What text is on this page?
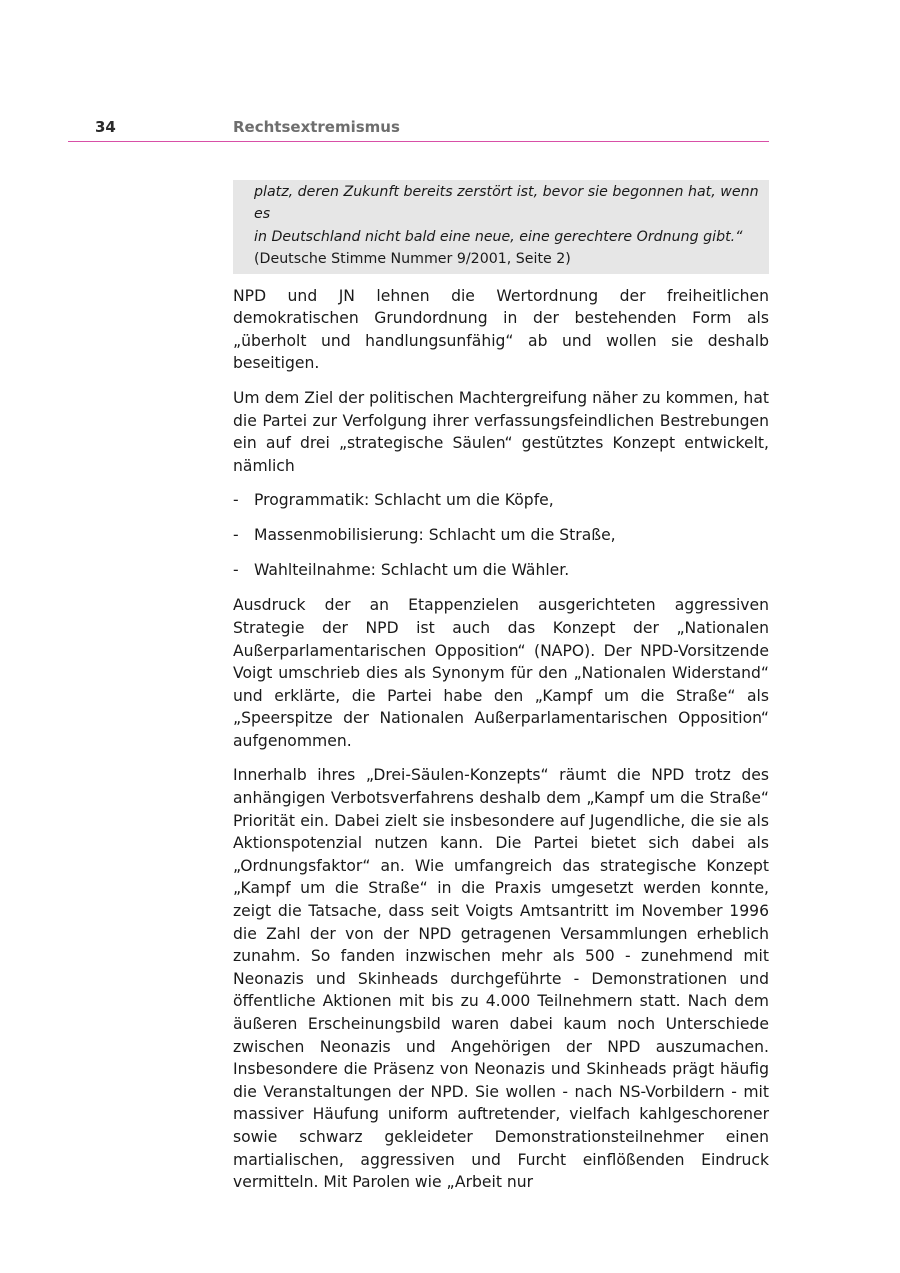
34	Rechtsextremismus
platz, deren Zukunft bereits zerstört ist, bevor sie begonnen hat, wenn es
in Deutschland nicht bald eine neue, eine gerechtere Ordnung gibt.“
(Deutsche Stimme Nummer 9/2001, Seite 2)

NPD und JN lehnen die Wertordnung der freiheitlichen demokratischen Grundordnung in der bestehenden Form als „überholt und handlungsunfähig“ ab und wollen sie deshalb beseitigen.

Um dem Ziel der politischen Machtergreifung näher zu kommen, hat die Partei zur Verfolgung ihrer verfassungsfeindlichen Bestrebungen ein auf drei „strategische Säulen“ gestütztes Konzept entwickelt, nämlich

- Programmatik: Schlacht um die Köpfe,
- Massenmobilisierung: Schlacht um die Straße,
- Wahlteilnahme: Schlacht um die Wähler.

Ausdruck der an Etappenzielen ausgerichteten aggressiven Strategie der NPD ist auch das Konzept der „Nationalen Außerparlamentarischen Opposition“ (NAPO). Der NPD-Vorsitzende Voigt umschrieb dies als Synonym für den „Nationalen Widerstand“ und erklärte, die Partei habe den „Kampf um die Straße“ als „Speerspitze der Nationalen Außerparlamentarischen Opposition“ aufgenommen.

Innerhalb ihres „Drei-Säulen-Konzepts“ räumt die NPD trotz des anhängigen Verbotsverfahrens deshalb dem „Kampf um die Straße“ Priorität ein. Dabei zielt sie insbesondere auf Jugendliche, die sie als Aktionspotenzial nutzen kann. Die Partei bietet sich dabei als „Ordnungsfaktor“ an. Wie umfangreich das strategische Konzept „Kampf um die Straße“ in die Praxis umgesetzt werden konnte, zeigt die Tatsache, dass seit Voigts Amtsantritt im November 1996 die Zahl der von der NPD getragenen Versammlungen erheblich zunahm. So fanden inzwischen mehr als 500 - zunehmend mit Neonazis und Skinheads durchgeführte - Demonstrationen und öffentliche Aktionen mit bis zu 4.000 Teilnehmern statt. Nach dem äußeren Erscheinungsbild waren dabei kaum noch Unterschiede zwischen Neonazis und Angehörigen der NPD auszumachen. Insbesondere die Präsenz von Neonazis und Skinheads prägt häufig die Veranstaltungen der NPD. Sie wollen - nach NS-Vorbildern - mit massiver Häufung uniform auftretender, vielfach kahlgeschorener sowie schwarz gekleideter Demonstrationsteilnehmer einen martialischen, aggressiven und Furcht einflößenden Eindruck vermitteln. Mit Parolen wie „Arbeit nur
